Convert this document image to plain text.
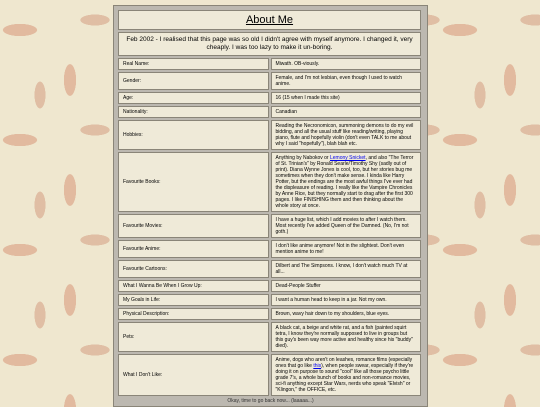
About Me	
Feb 2002 - I realised that this page was so old I didn't agree with myself anymore. I changed it, very cheaply. I was too lazy to make it un-boring.	
Real Name:	Miwath. OB-viously.
Gender:	Female, and I'm not lesbian, even though I used to watch anime.
Age:	16 (15 when I made this site)
Nationality:	Canadian
Hobbies:	Reading the Necronomicon, summoning demons to do my evil bidding, and all the usual stuff like reading/writing, playing piano, flute and hopefully violin (don't even TALK to me about why I said "hopefully"), blah blah etc.
Favourite Books:	Anything by Nabokov or Lemony Snicket, and also "The Terror of St. Trinian's" by Ronald Searle/Timothy Shy (sadly out of print). Diana Wynne Jones is cool, too, but her stories bug me sometimes when they don't make sense. I kinda like Harry Potter, but the endings are the most awful things I've ever had the displeasure of reading. I really like the Vampire Chronicles by Anne Rice, but they normally start to drag after the first 300 pages. I like FINISHING them and then thinking about the whole story at once.
Favourite Movies:	I have a huge list, which I add movies to after I watch them. Most recently I've added Queen of the Damned. (No, I'm not goth.)
Favourite Anime:	I don't like anime anymore! Not in the slightest. Don't even mention anime to me!
Favourite Cartoons:	Dilbert and The Simpsons. I know, I don't watch much TV at all...
What I Wanna Be When I Grow Up:	Dead-People Stuffer
My Goals in Life:	I want a human head to keep in a jar. Not my own.
Physical Description:	Brown, wavy hair down to my shoulders, blue eyes.
Pets:	A black cat, a beige and white rat, and a fish (painted squirt tetra, I know they're normally supposed to live in groups but this guy's been way more active and healthy since his "buddy" died).
What I Don't Like:	Anime, dogs who aren't on leashes, romance films (especially ones that go like this), when people swear, especially if they're doing it on purpose to sound "cool" like all those psycho little grade 7's, a whole bunch of books and non-romance movies, sci-fi anything except Star Wars, nerds who speak "Elvish" or "Klingon," the OFFICE, etc.
Okay, time to go back now... (laaaaa...)
